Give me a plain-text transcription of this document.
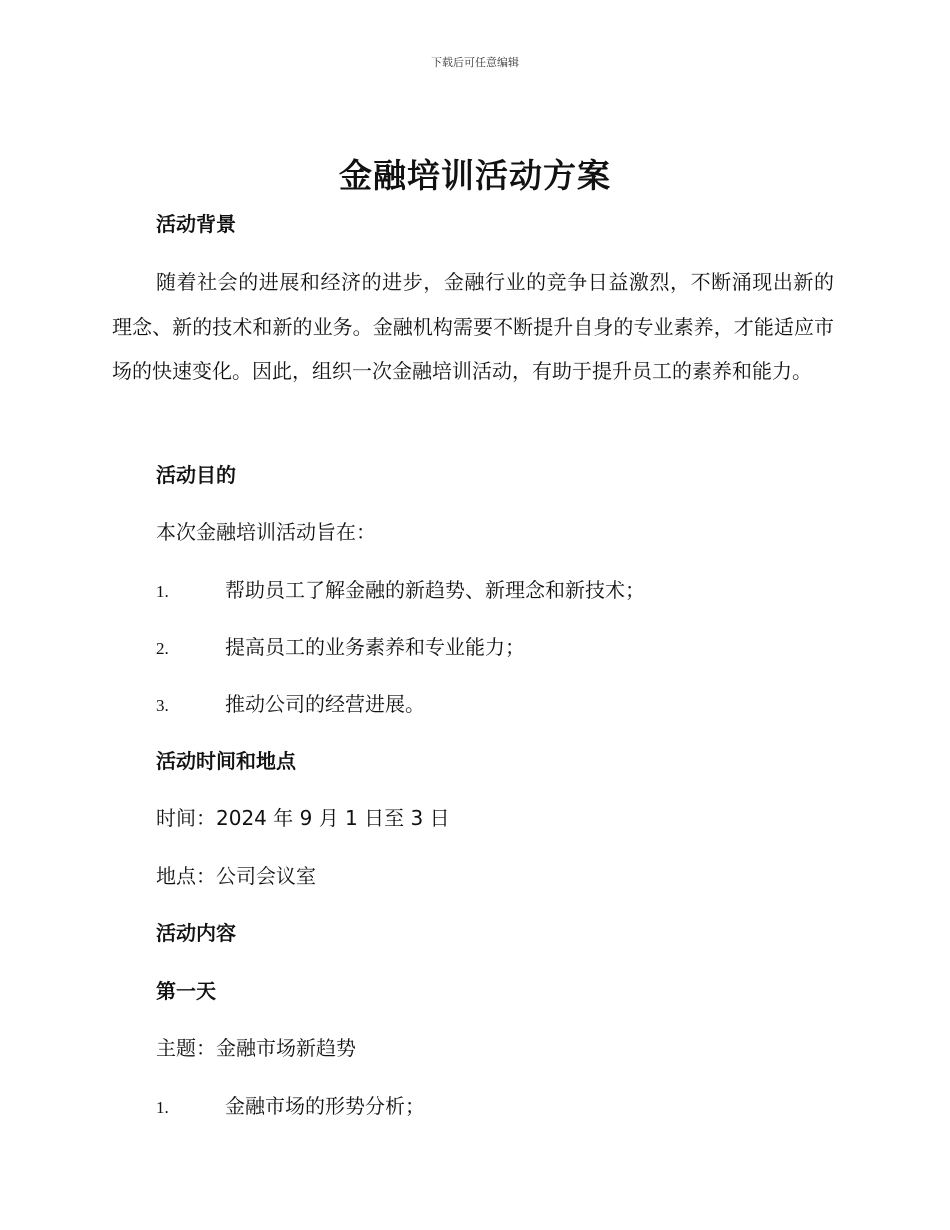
下载后可任意编辑
金融培训活动方案
活动背景
随着社会的进展和经济的进步，金融行业的竞争日益激烈，不断涌现出新的理念、新的技术和新的业务。金融机构需要不断提升自身的专业素养，才能适应市场的快速变化。因此，组织一次金融培训活动，有助于提升员工的素养和能力。
活动目的
本次金融培训活动旨在：
1.	帮助员工了解金融的新趋势、新理念和新技术；
2.	提高员工的业务素养和专业能力；
3.	推动公司的经营进展。
活动时间和地点
时间：2024 年 9 月 1 日至 3 日
地点：公司会议室
活动内容
第一天
主题：金融市场新趋势
1.	金融市场的形势分析；
